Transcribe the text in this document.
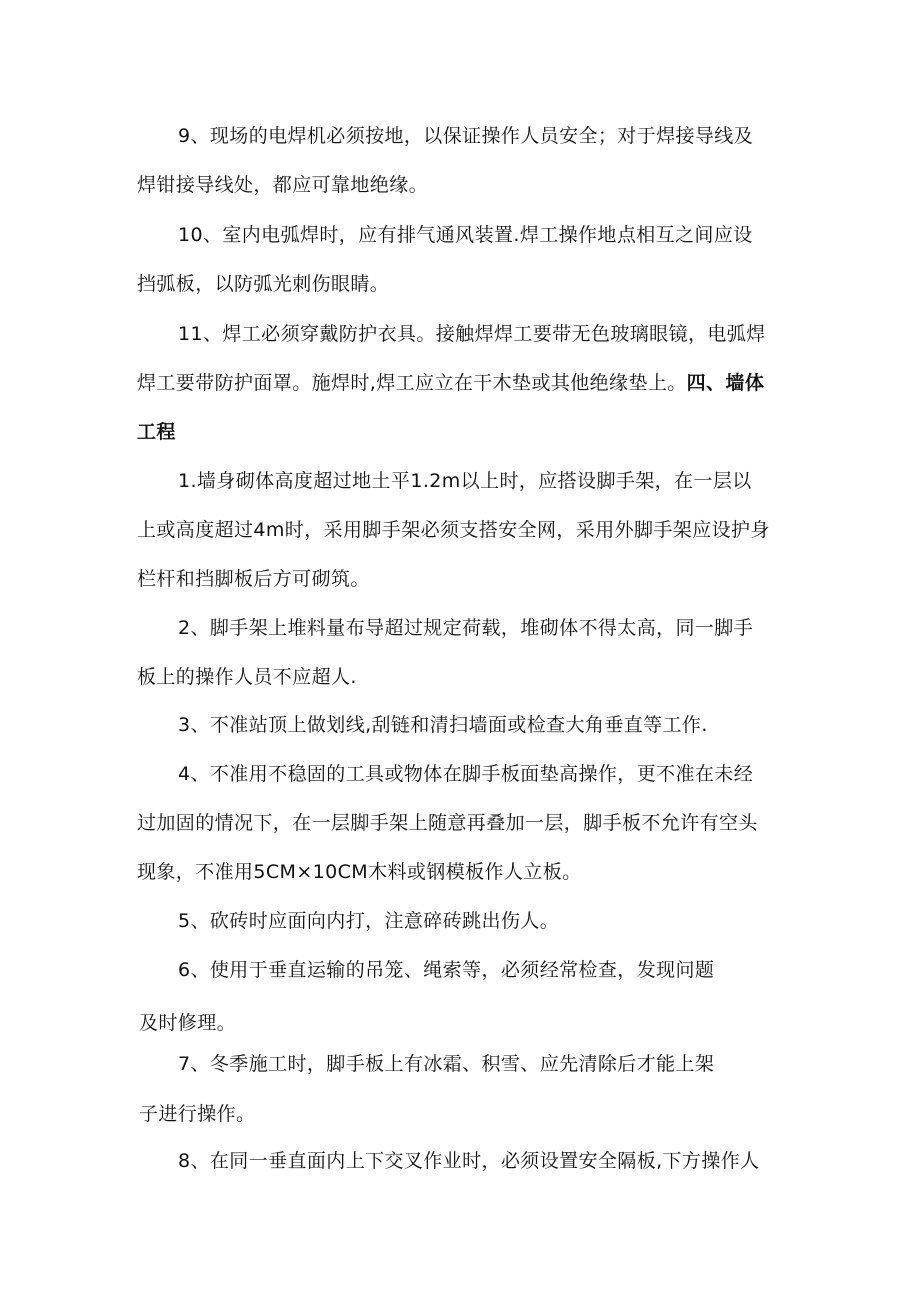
9、现场的电焊机必须按地，以保证操作人员安全；对于焊接导线及
焊钳接导线处，都应可靠地绝缘。
10、室内电弧焊时，应有排气通风装置.焊工操作地点相互之间应设
挡弧板，以防弧光刺伤眼睛。
11、焊工必须穿戴防护衣具。接触焊焊工要带无色玻璃眼镜，电弧焊
焊工要带防护面罩。施焊时,焊工应立在干木垫或其他绝缘垫上。四、墙体
工程
1.墙身砌体高度超过地土平1.2m以上时，应搭设脚手架，在一层以
上或高度超过4m时，采用脚手架必须支搭安全网，采用外脚手架应设护身
栏杆和挡脚板后方可砌筑。
2、脚手架上堆料量布导超过规定荷载，堆砌体不得太高，同一脚手
板上的操作人员不应超人.
3、不准站顶上做划线,刮链和清扫墙面或检查大角垂直等工作.
4、不准用不稳固的工具或物体在脚手板面垫高操作，更不准在未经
过加固的情况下，在一层脚手架上随意再叠加一层，脚手板不允许有空头
现象，不准用5CM×10CM木料或钢模板作人立板。
5、砍砖时应面向内打，注意碎砖跳出伤人。
6、使用于垂直运输的吊笼、绳索等，必须经常检查，发现问题
及时修理。
7、冬季施工时，脚手板上有冰霜、积雪、应先清除后才能上架
子进行操作。
8、在同一垂直面内上下交叉作业时，必须设置安全隔板,下方操作人
